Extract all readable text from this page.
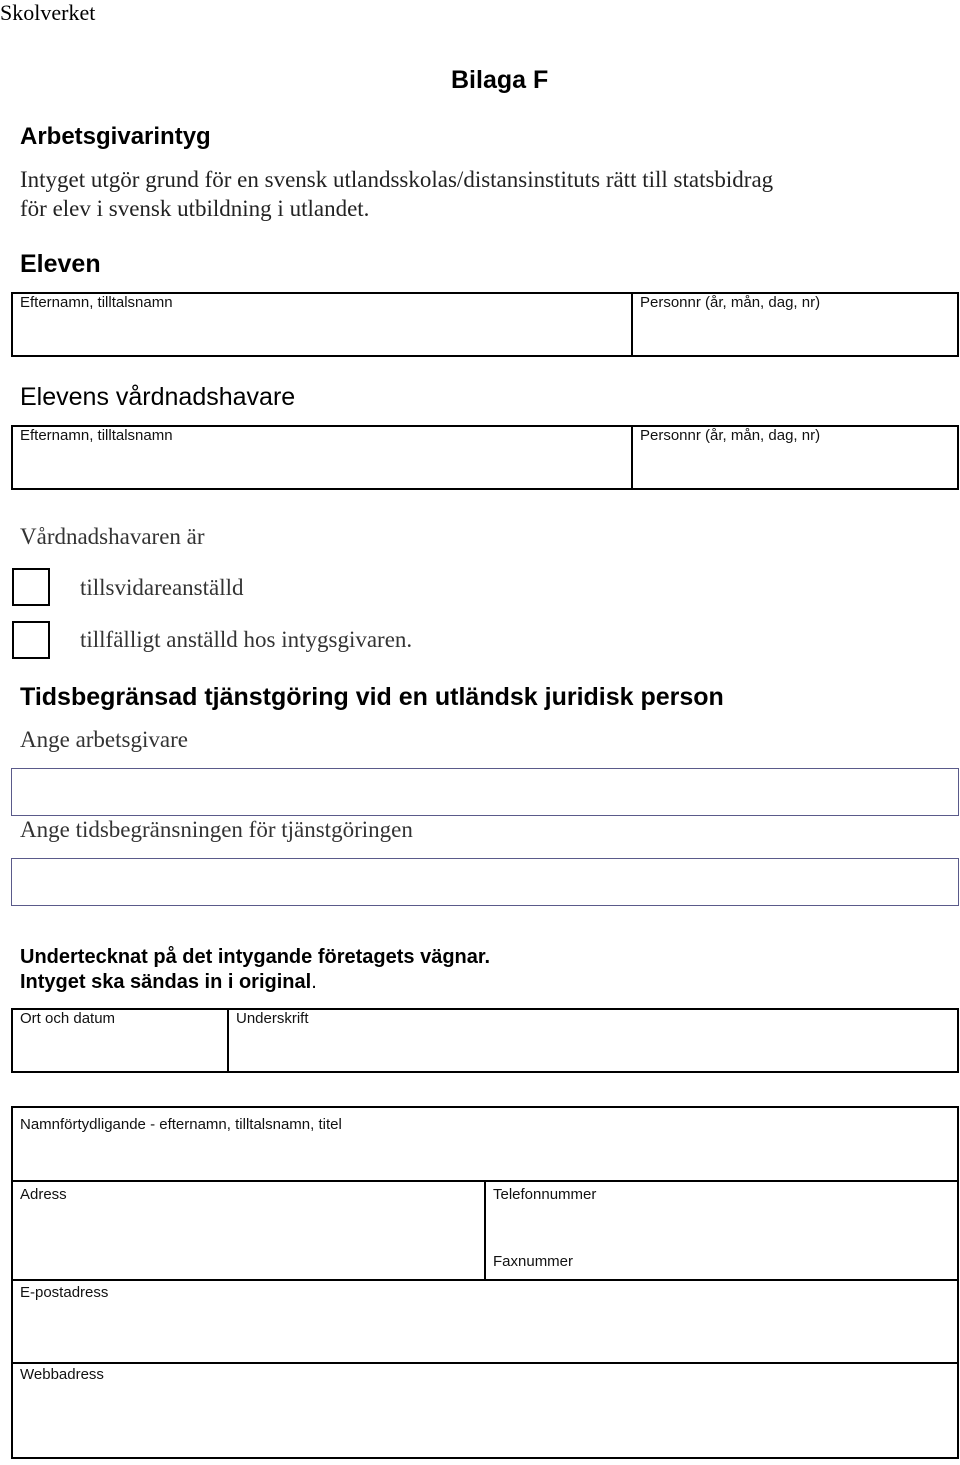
Skolverket
Bilaga F
Arbetsgivarintyg
Intyget utgör grund för en svensk utlandsskolas/distansinstituts rätt till statsbidrag
för elev i svensk utbildning i utlandet.
Eleven
Efternamn, tilltalsnamn	Personnr (år, mån, dag, nr)
Elevens vårdnadshavare
Efternamn, tilltalsnamn	Personnr (år, mån, dag, nr)
Vårdnadshavaren är
tillsvidareanställd
tillfälligt anställd hos intygsgivaren.
Tidsbegränsad tjänstgöring vid en utländsk juridisk person
Ange arbetsgivare
Ange tidsbegränsningen för tjänstgöringen
Undertecknat på det intygande företagets vägnar.
Intyget ska sändas in i original.
Ort och datum	Underskrift
Namnförtydligande - efternamn, tilltalsnamn, titel
Adress	Telefonnummer
Faxnummer
E-postadress
Webbadress
